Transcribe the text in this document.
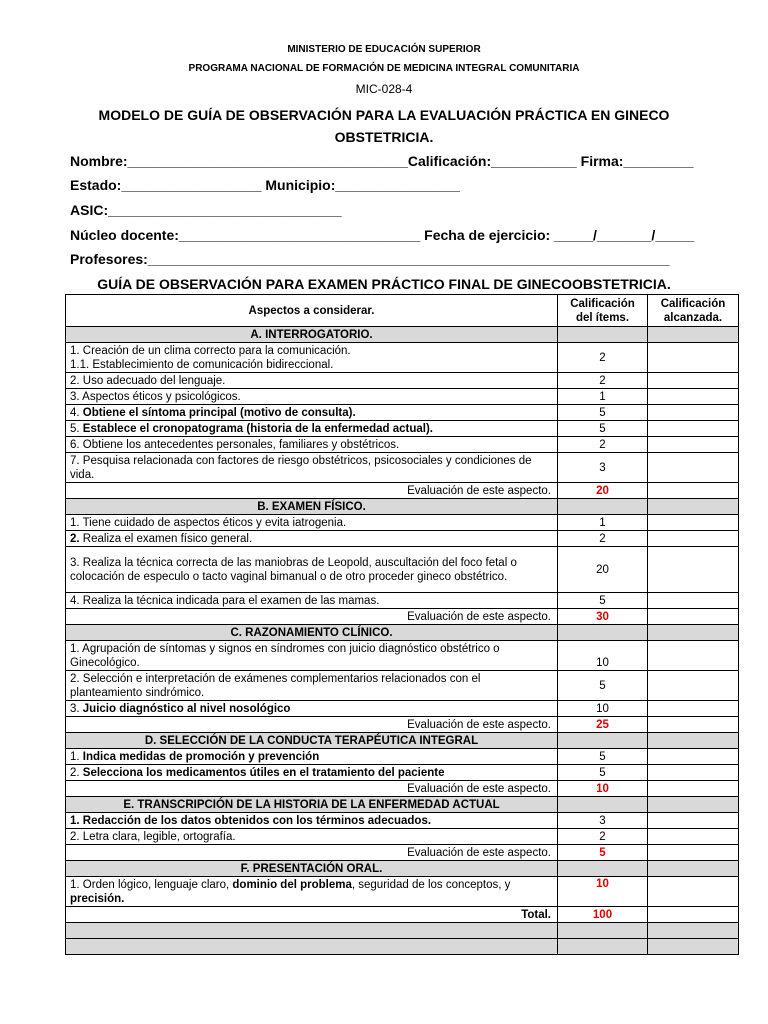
MINISTERIO DE EDUCACIÓN SUPERIOR
PROGRAMA NACIONAL DE FORMACIÓN DE MEDICINA INTEGRAL COMUNITARIA
MIC-028-4
MODELO DE GUÍA DE OBSERVACIÓN PARA LA EVALUACIÓN PRÁCTICA EN GINECO OBSTETRICIA.
Nombre:____________________________________Calificación:___________ Firma:_________
Estado:__________________ Municipio:________________
ASIC:______________________________
Núcleo docente:_______________________________ Fecha de ejercicio: _____/_______/_____
Profesores:___________________________________________________________________
GUÍA DE OBSERVACIÓN PARA EXAMEN PRÁCTICO FINAL DE GINECOOBSTETRICIA.
Aspectos a considerar.	Calificación del ítems.	Calificación alcanzada.
A. INTERROGATORIO.		
1. Creación de un clima correcto para la comunicación.
1.1. Establecimiento de comunicación bidireccional.	2	
2. Uso adecuado del lenguaje.	2	
3. Aspectos éticos y psicológicos.	1	
4. Obtiene el síntoma principal (motivo de consulta).	5	
5. Establece el cronopatograma (historia de la enfermedad actual).	5	
6. Obtiene los antecedentes personales, familiares y obstétricos.	2	
7. Pesquisa relacionada con factores de riesgo obstétricos, psicosociales y condiciones de vida.	3	
Evaluación de este aspecto.	20	
B. EXAMEN FÍSICO.		
1. Tiene cuidado de aspectos éticos y evita iatrogenia.	1	
2. Realiza el examen físico general.	2	
3. Realiza la técnica correcta de las maniobras de Leopold, auscultación del foco fetal o colocación de especulo o tacto vaginal bimanual o de otro proceder gineco obstétrico.	20	
4. Realiza la técnica indicada para el examen de las mamas.	5	
Evaluación de este aspecto.	30	
C. RAZONAMIENTO CLÍNICO.		
1. Agrupación de síntomas y signos en síndromes con juicio diagnóstico obstétrico o Ginecológico.	10	
2. Selección e interpretación de exámenes complementarios relacionados con el planteamiento sindrómico.	5	
3. Juicio diagnóstico al nivel nosológico	10	
Evaluación de este aspecto.	25	
D. SELECCIÓN DE LA CONDUCTA TERAPÉUTICA INTEGRAL		
1. Indica medidas de promoción y prevención	5	
2. Selecciona los medicamentos útiles en el tratamiento del paciente	5	
Evaluación de este aspecto.	10	
E. TRANSCRIPCIÓN DE LA HISTORIA DE LA ENFERMEDAD ACTUAL		
1. Redacción de los datos obtenidos con los términos adecuados.	3	
2. Letra clara, legible, ortografía.	2	
Evaluación de este aspecto.	5	
F. PRESENTACIÓN ORAL.		
1. Orden lógico, lenguaje claro, dominio del problema, seguridad de los conceptos, y precisión.	10	
Total.	100	
